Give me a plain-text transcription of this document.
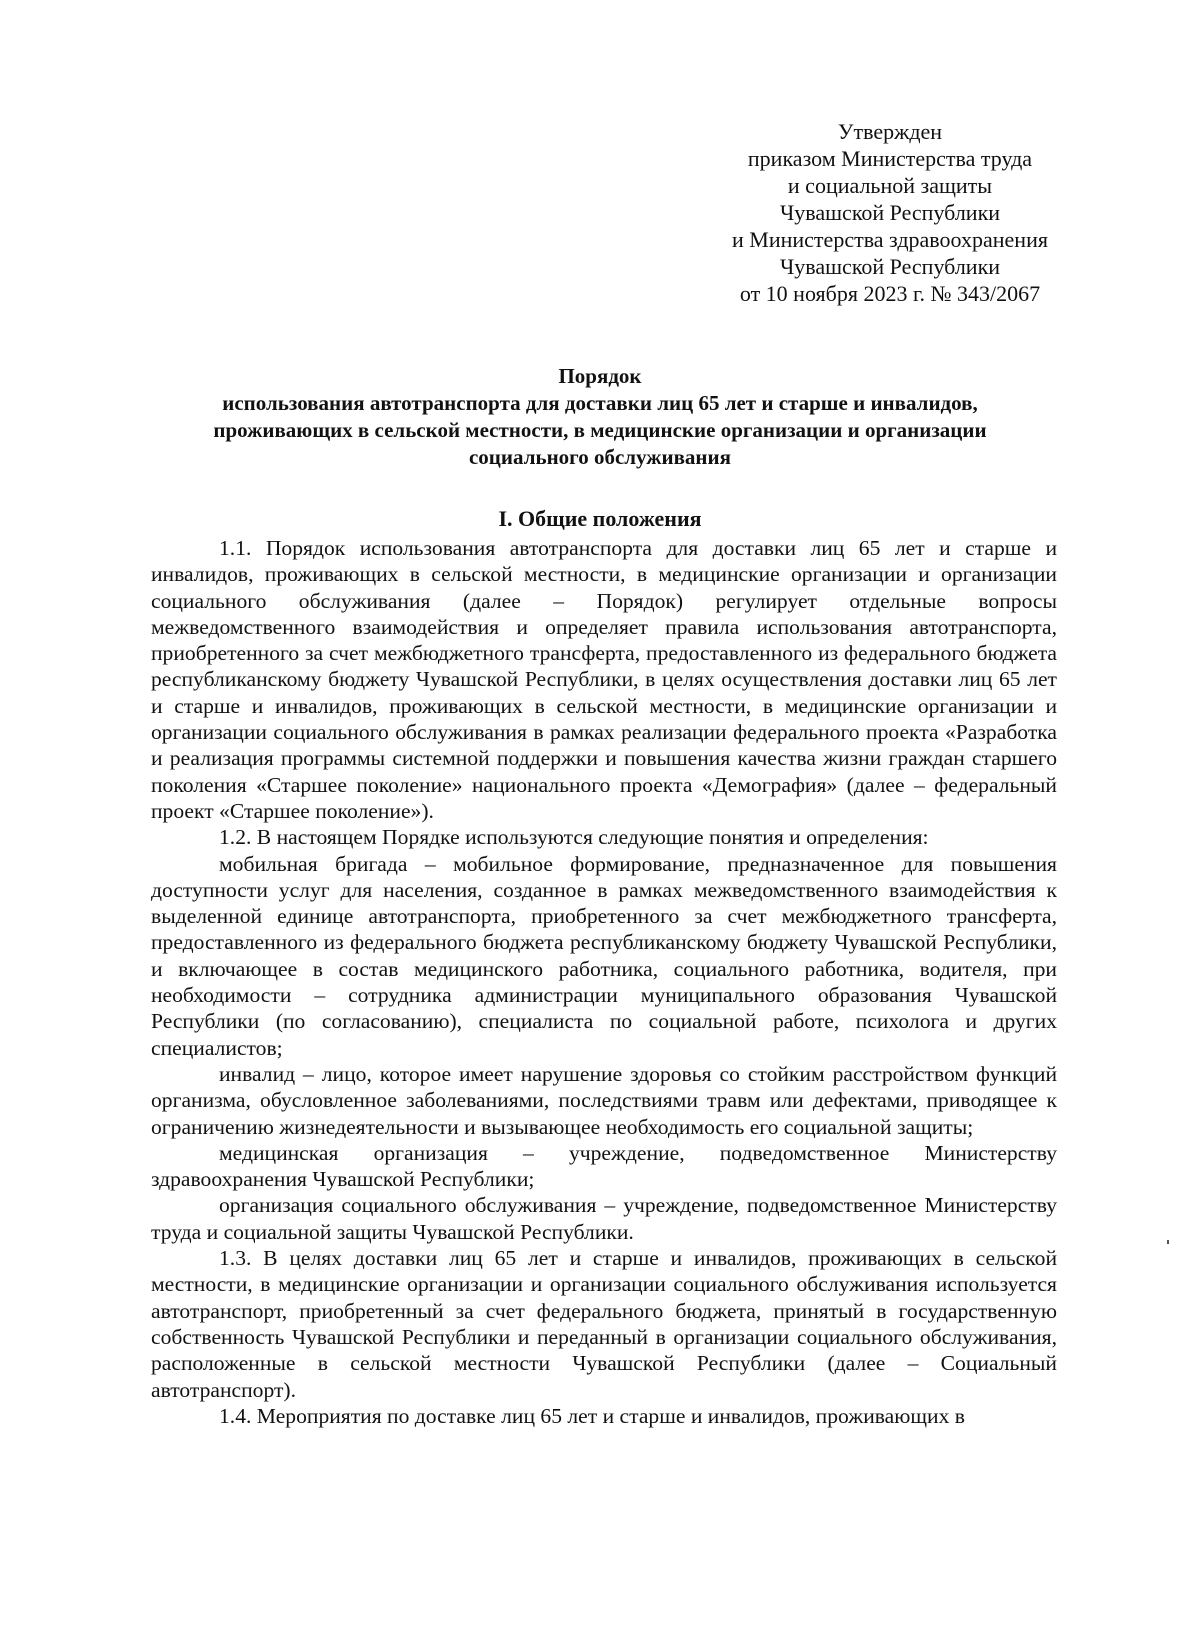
Утвержден
приказом Министерства труда
и социальной защиты
Чувашской Республики
и Министерства здравоохранения
Чувашской Республики
от 10 ноября 2023 г. № 343/2067
Порядок
использования автотранспорта для доставки лиц 65 лет и старше и инвалидов,
проживающих в сельской местности, в медицинские организации и организации
социального обслуживания
I. Общие положения

1.1. Порядок использования автотранспорта для доставки лиц 65 лет и старше и инвалидов, проживающих в сельской местности, в медицинские организации и организации социального обслуживания (далее – Порядок) регулирует отдельные вопросы межведомственного взаимодействия и определяет правила использования автотранспорта, приобретенного за счет межбюджетного трансферта, предоставленного из федерального бюджета республиканскому бюджету Чувашской Республики, в целях осуществления доставки лиц 65 лет и старше и инвалидов, проживающих в сельской местности, в медицинские организации и организации социального обслуживания в рамках реализации федерального проекта «Разработка и реализация программы системной поддержки и повышения качества жизни граждан старшего поколения «Старшее поколение» национального проекта «Демография» (далее – федеральный проект «Старшее поколение»).

1.2. В настоящем Порядке используются следующие понятия и определения:

мобильная бригада – мобильное формирование, предназначенное для повышения доступности услуг для населения, созданное в рамках межведомственного взаимодействия к выделенной единице автотранспорта, приобретенного за счет межбюджетного трансферта, предоставленного из федерального бюджета республиканскому бюджету Чувашской Республики, и включающее в состав медицинского работника, социального работника, водителя, при необходимости – сотрудника администрации муниципального образования Чувашской Республики (по согласованию), специалиста по социальной работе, психолога и других специалистов;

инвалид – лицо, которое имеет нарушение здоровья со стойким расстройством функций организма, обусловленное заболеваниями, последствиями травм или дефектами, приводящее к ограничению жизнедеятельности и вызывающее необходимость его социальной защиты;

медицинская организация – учреждение, подведомственное Министерству здравоохранения Чувашской Республики;

организация социального обслуживания – учреждение, подведомственное Министерству труда и социальной защиты Чувашской Республики.

1.3. В целях доставки лиц 65 лет и старше и инвалидов, проживающих в сельской местности, в медицинские организации и организации социального обслуживания используется автотранспорт, приобретенный за счет федерального бюджета, принятый в государственную собственность Чувашской Республики и переданный в организации социального обслуживания, расположенные в сельской местности Чувашской Республики (далее – Социальный автотранспорт).

1.4. Мероприятия по доставке лиц 65 лет и старше и инвалидов, проживающих в
